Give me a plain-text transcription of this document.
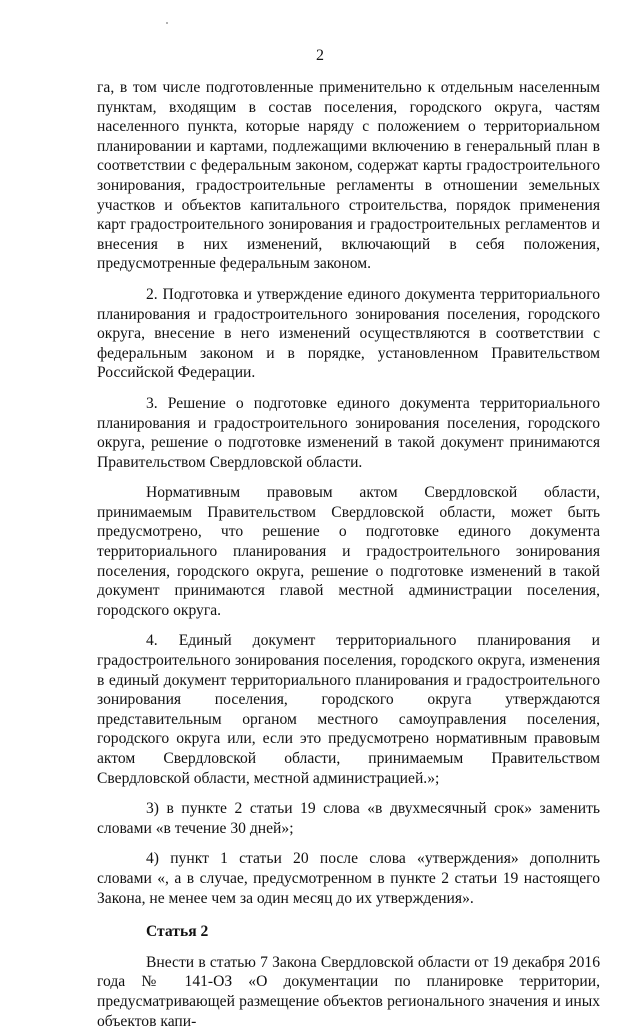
2

га, в том числе подготовленные применительно к отдельным населенным пунктам, входящим в состав поселения, городского округа, частям населенного пункта, которые наряду с положением о территориальном планировании и картами, подлежащими включению в генеральный план в соответствии с федеральным законом, содержат карты градостроительного зонирования, градостроительные регламенты в отношении земельных участков и объектов капитального строительства, порядок применения карт градостроительного зонирования и градостроительных регламентов и внесения в них изменений, включающий в себя положения, предусмотренные федеральным законом.

2. Подготовка и утверждение единого документа территориального планирования и градостроительного зонирования поселения, городского округа, внесение в него изменений осуществляются в соответствии с федеральным законом и в порядке, установленном Правительством Российской Федерации.

3. Решение о подготовке единого документа территориального планирования и градостроительного зонирования поселения, городского округа, решение о подготовке изменений в такой документ принимаются Правительством Свердловской области.

Нормативным правовым актом Свердловской области, принимаемым Правительством Свердловской области, может быть предусмотрено, что решение о подготовке единого документа территориального планирования и градостроительного зонирования поселения, городского округа, решение о подготовке изменений в такой документ принимаются главой местной администрации поселения, городского округа.

4. Единый документ территориального планирования и градостроительного зонирования поселения, городского округа, изменения в единый документ территориального планирования и градостроительного зонирования поселения, городского округа утверждаются представительным органом местного самоуправления поселения, городского округа или, если это предусмотрено нормативным правовым актом Свердловской области, принимаемым Правительством Свердловской области, местной администрацией.»;

3) в пункте 2 статьи 19 слова «в двухмесячный срок» заменить словами «в течение 30 дней»;

4) пункт 1 статьи 20 после слова «утверждения» дополнить словами «, а в случае, предусмотренном в пункте 2 статьи 19 настоящего Закона, не менее чем за один месяц до их утверждения».

Статья 2

Внести в статью 7 Закона Свердловской области от 19 декабря 2016 года № 141-ОЗ «О документации по планировке территории, предусматривающей размещение объектов регионального значения и иных объектов капи-
